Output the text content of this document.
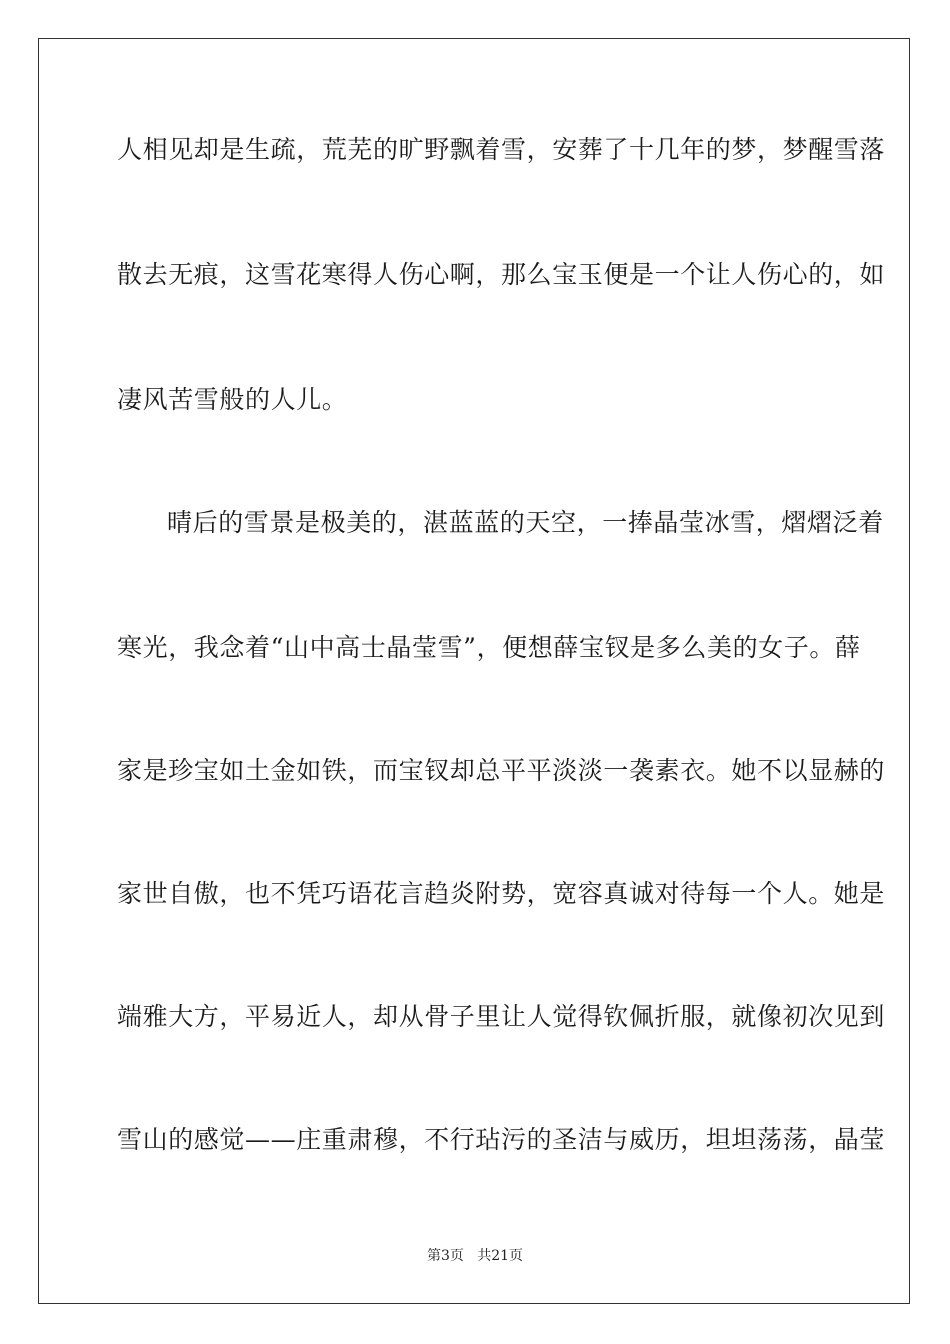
人相见却是生疏，荒芜的旷野飘着雪，安葬了十几年的梦，梦醒雪落
散去无痕，这雪花寒得人伤心啊，那么宝玉便是一个让人伤心的，如
凄风苦雪般的人儿。
晴后的雪景是极美的，湛蓝蓝的天空，一捧晶莹冰雪，熠熠泛着
寒光，我念着“山中高士晶莹雪”，便想薛宝钗是多么美的女子。薛
家是珍宝如土金如铁，而宝钗却总平平淡淡一袭素衣。她不以显赫的
家世自傲，也不凭巧语花言趋炎附势，宽容真诚对待每一个人。她是
端雅大方，平易近人，却从骨子里让人觉得钦佩折服，就像初次见到
雪山的感觉——庄重肃穆，不行玷污的圣洁与威历，坦坦荡荡，晶莹
第3页   共21页
